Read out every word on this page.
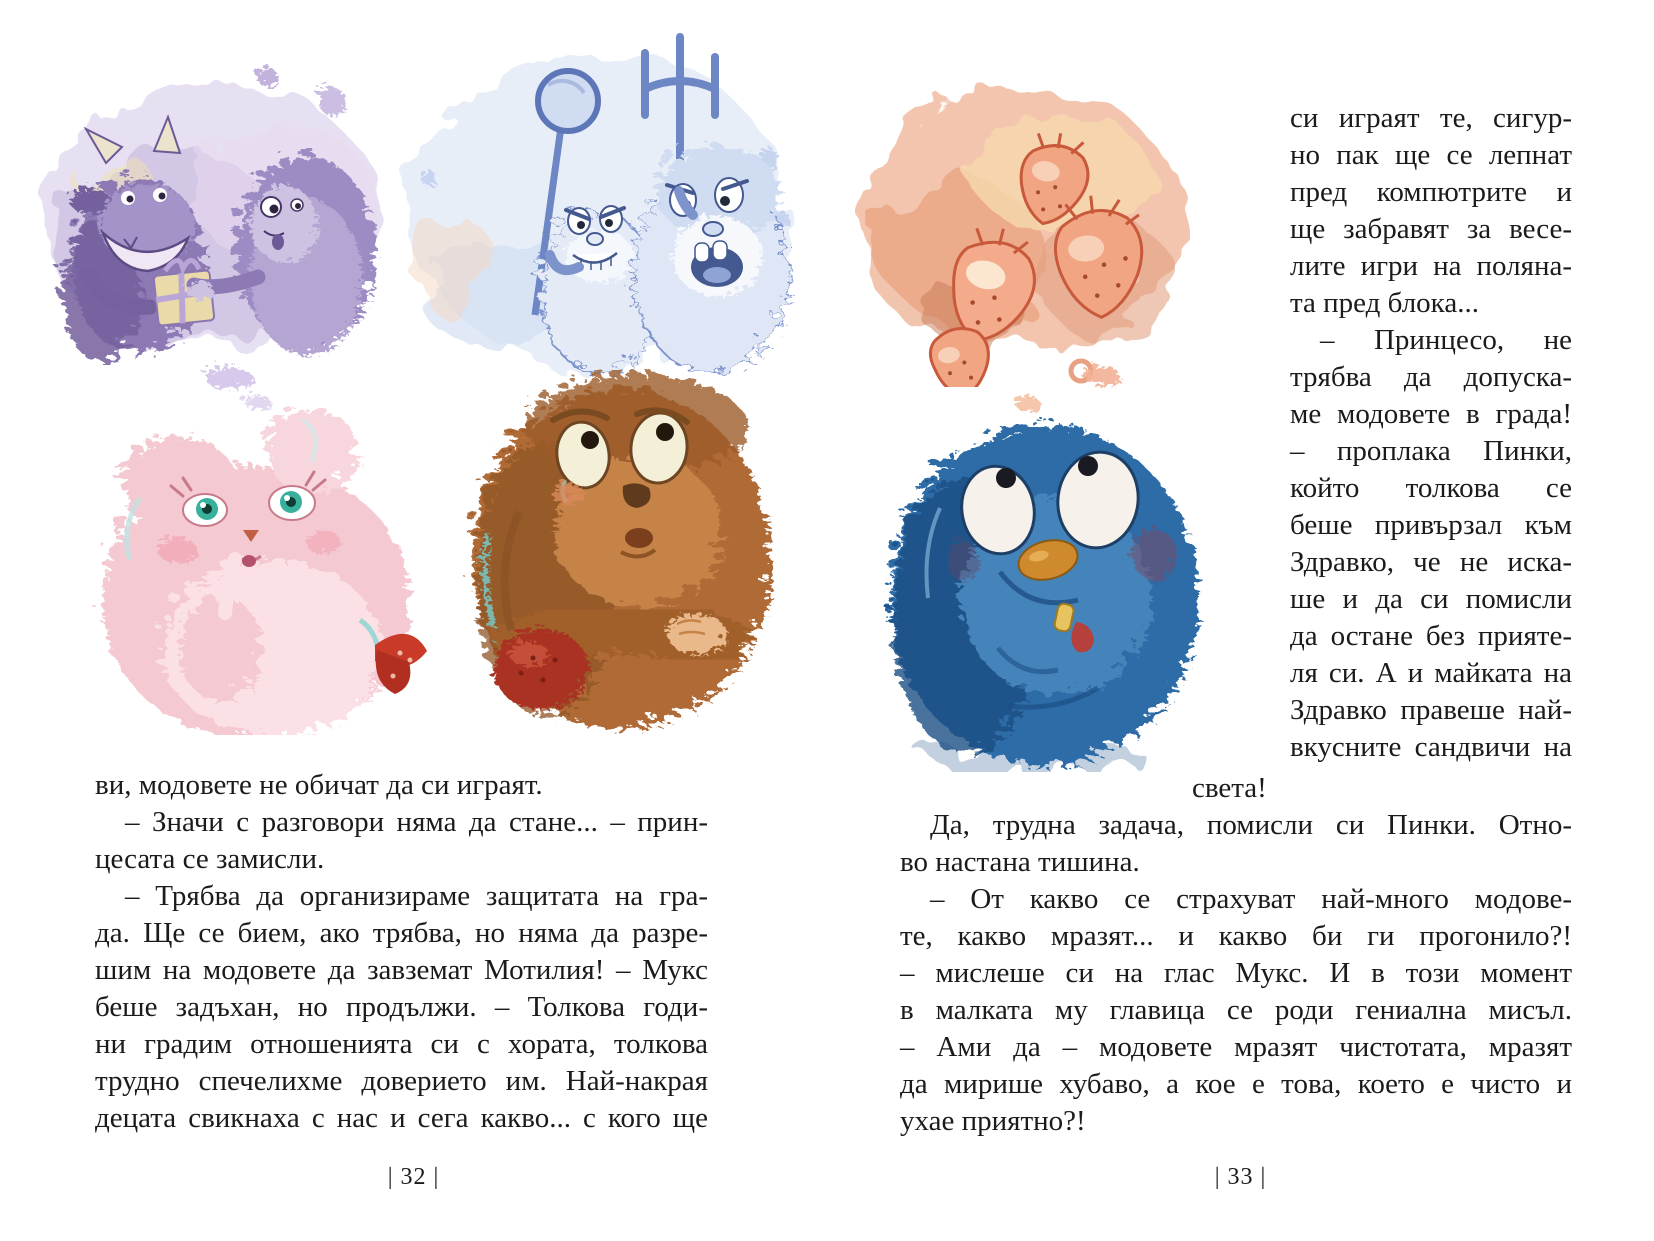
ви, модовете не обичат да си играят.
– Значи с разговори няма да стане... – прин-
цесата се замисли.
– Трябва да организираме защитата на гра-
да. Ще се бием, ако трябва, но няма да разре-
шим на модовете да завземат Мотилия! – Мукс
беше задъхан, но продължи. – Толкова годи-
ни градим отношенията си с хората, толкова
трудно спечелихме доверието им. Най-накрая
децата свикнаха с нас и сега какво... с кого ще
| 32 |
си играят те, сигур-
но пак ще се лепнат
пред компютрите и
ще забравят за весе-
лите игри на поляна-
та пред блока...
– Принцесо, не
трябва да допуска-
ме модовете в града!
– проплака Пинки,
който толкова се
беше привързал към
Здравко, че не иска-
ше и да си помисли
да остане без прияте-
ля си. А и майката на
Здравко правеше най-
вкусните сандвичи на
света!
Да, трудна задача, помисли си Пинки. Отно-
во настана тишина.
– От какво се страхуват най-много модове-
те, какво мразят... и какво би ги прогонило?!
– мислеше си на глас Мукс. И в този момент
в малката му главица се роди гениална мисъл.
– Ами да – модовете мразят чистотата, мразят
да мирише хубаво, а кое е това, което е чисто и
ухае приятно?!
| 33 |
